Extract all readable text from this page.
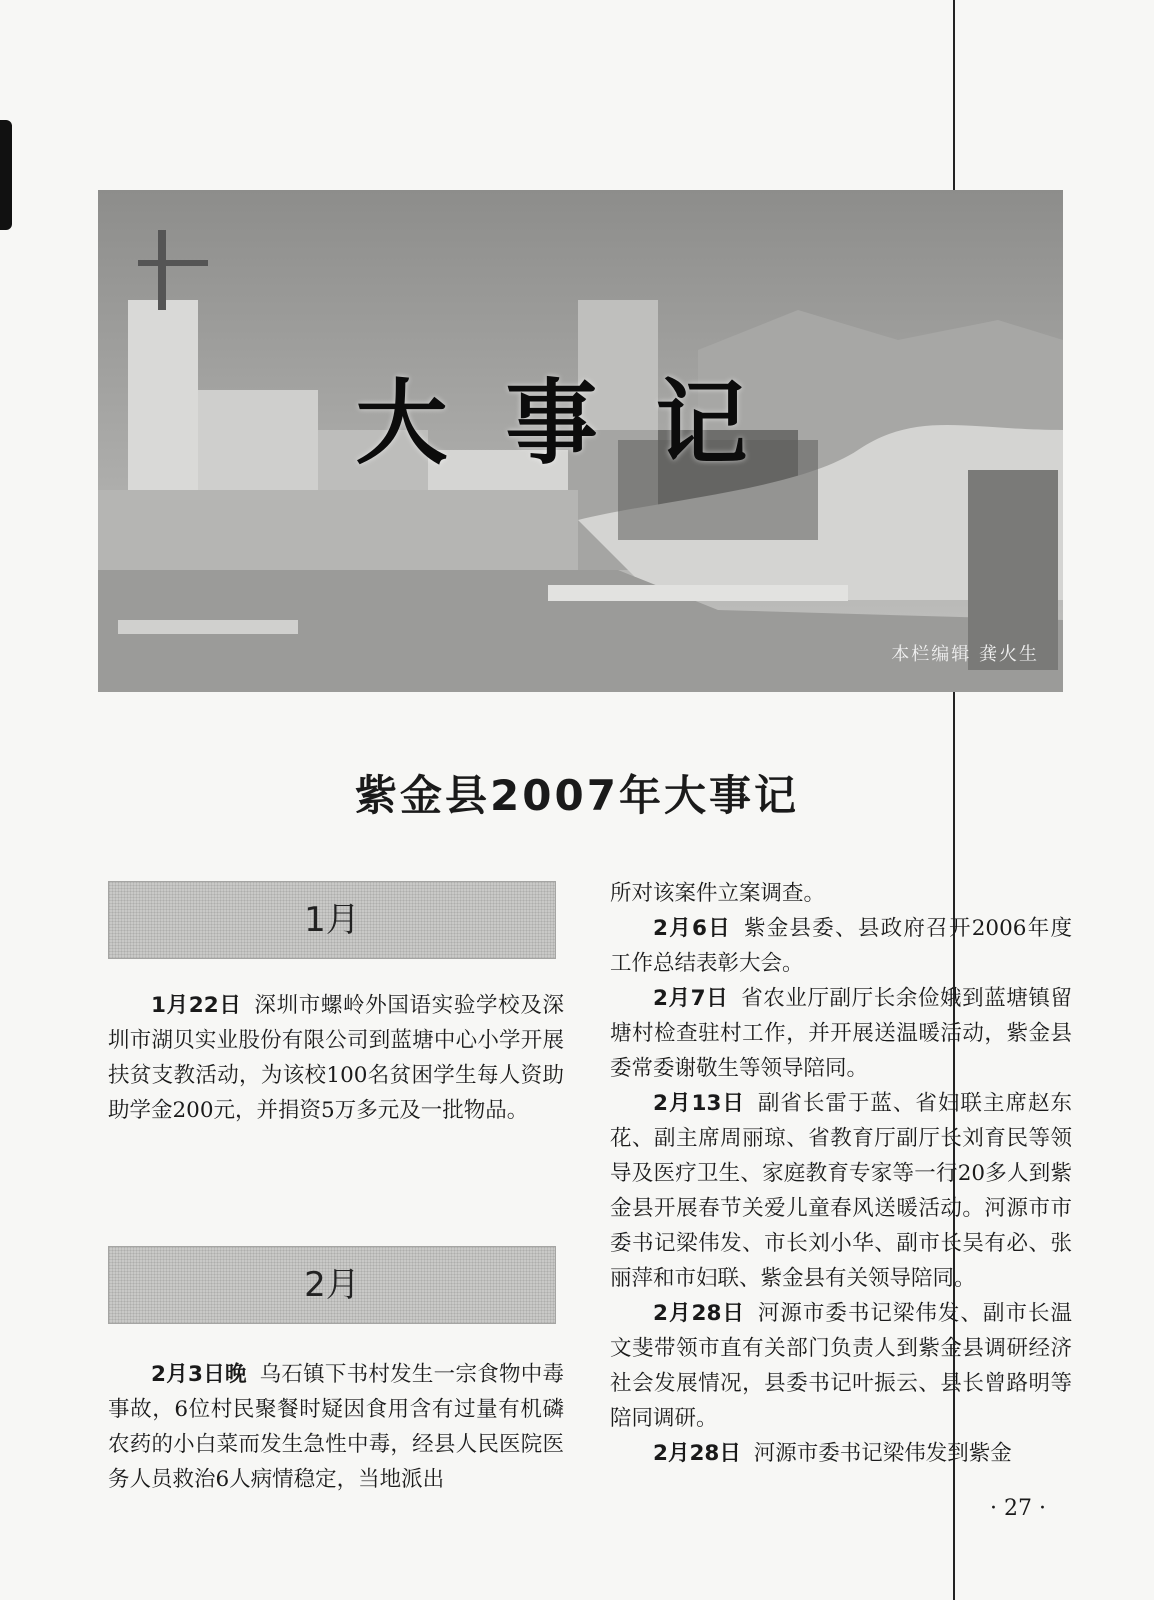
大事记
本栏编辑 龚火生
紫金县2007年大事记
1月

1月22日 深圳市螺岭外国语实验学校及深圳市湖贝实业股份有限公司到蓝塘中心小学开展扶贫支教活动，为该校100名贫困学生每人资助助学金200元，并捐资5万多元及一批物品。

2月

2月3日晚 乌石镇下书村发生一宗食物中毒事故，6位村民聚餐时疑因食用含有过量有机磷农药的小白菜而发生急性中毒，经县人民医院医务人员救治6人病情稳定，当地派出

所对该案件立案调查。

2月6日 紫金县委、县政府召开2006年度工作总结表彰大会。

2月7日 省农业厅副厅长余俭娥到蓝塘镇留塘村检查驻村工作，并开展送温暖活动，紫金县委常委谢敬生等领导陪同。

2月13日 副省长雷于蓝、省妇联主席赵东花、副主席周丽琼、省教育厅副厅长刘育民等领导及医疗卫生、家庭教育专家等一行20多人到紫金县开展春节关爱儿童春风送暖活动。河源市市委书记梁伟发、市长刘小华、副市长吴有必、张丽萍和市妇联、紫金县有关领导陪同。

2月28日 河源市委书记梁伟发、副市长温文斐带领市直有关部门负责人到紫金县调研经济社会发展情况，县委书记叶振云、县长曾路明等陪同调研。

2月28日 河源市委书记梁伟发到紫金

· 27 ·
